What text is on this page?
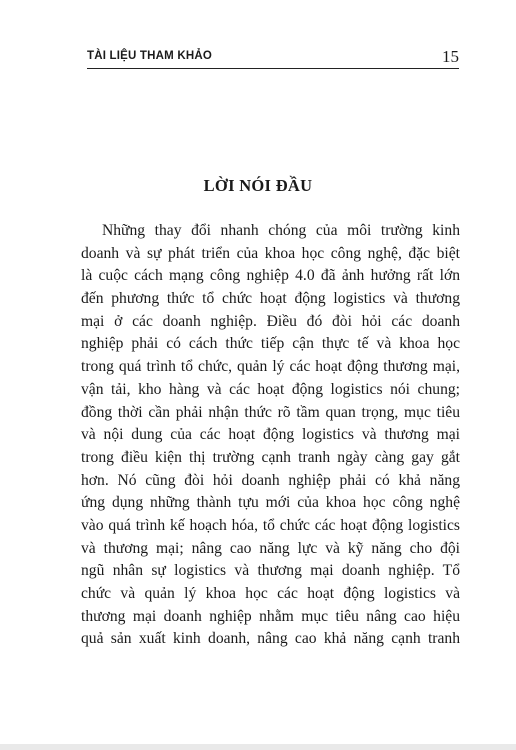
TÀI LIỆU THAM KHẢO	15
LỜI NÓI ĐẦU
Những thay đổi nhanh chóng của môi trường kinh
doanh và sự phát triển của khoa học công nghệ, đặc biệt
là cuộc cách mạng công nghiệp 4.0 đã ảnh hưởng rất lớn
đến phương thức tổ chức hoạt động logistics và thương
mại ở các doanh nghiệp. Điều đó đòi hỏi các doanh
nghiệp phải có cách thức tiếp cận thực tế và khoa học
trong quá trình tổ chức, quản lý các hoạt động thương mại,
vận tải, kho hàng và các hoạt động logistics nói chung;
đồng thời cần phải nhận thức rõ tầm quan trọng, mục tiêu
và nội dung của các hoạt động logistics và thương mại
trong điều kiện thị trường cạnh tranh ngày càng gay gắt
hơn. Nó cũng đòi hỏi doanh nghiệp phải có khả năng
ứng dụng những thành tựu mới của khoa học công nghệ
vào quá trình kế hoạch hóa, tổ chức các hoạt động logistics
và thương mại; nâng cao năng lực và kỹ năng cho đội
ngũ nhân sự logistics và thương mại doanh nghiệp. Tổ
chức và quản lý khoa học các hoạt động logistics và
thương mại doanh nghiệp nhằm mục tiêu nâng cao hiệu
quả sản xuất kinh doanh, nâng cao khả năng cạnh tranh
